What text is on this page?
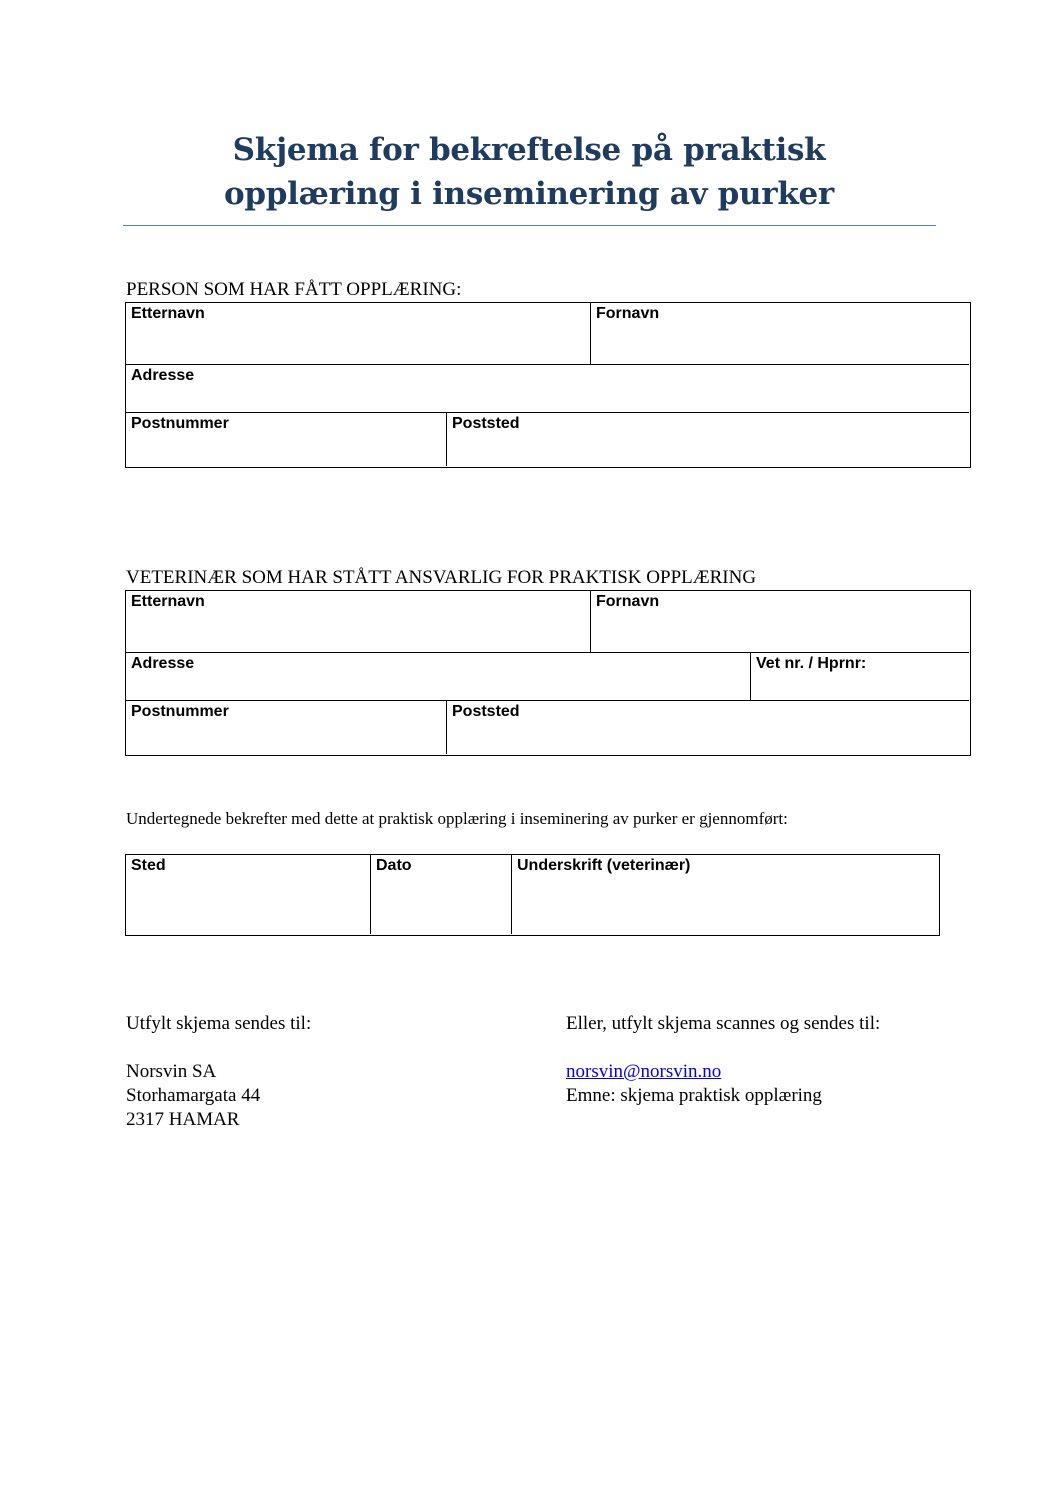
Skjema for bekreftelse på praktisk
opplæring i inseminering av purker
PERSON SOM HAR FÅTT OPPLÆRING:
Etternavn	Fornavn
Adresse
Postnummer	Poststed
VETERINÆR SOM HAR STÅTT ANSVARLIG FOR PRAKTISK OPPLÆRING
Etternavn	Fornavn
Adresse	Vet nr. / Hprnr:
Postnummer	Poststed
Undertegnede bekrefter med dette at praktisk opplæring i inseminering av purker er gjennomført:
Sted	Dato	Underskrift (veterinær)
Utfylt skjema sendes til:	Eller, utfylt skjema scannes og sendes til:
Norsvin SA
Storhamargata 44
2317 HAMAR
norsvin@norsvin.no
Emne: skjema praktisk opplæring
